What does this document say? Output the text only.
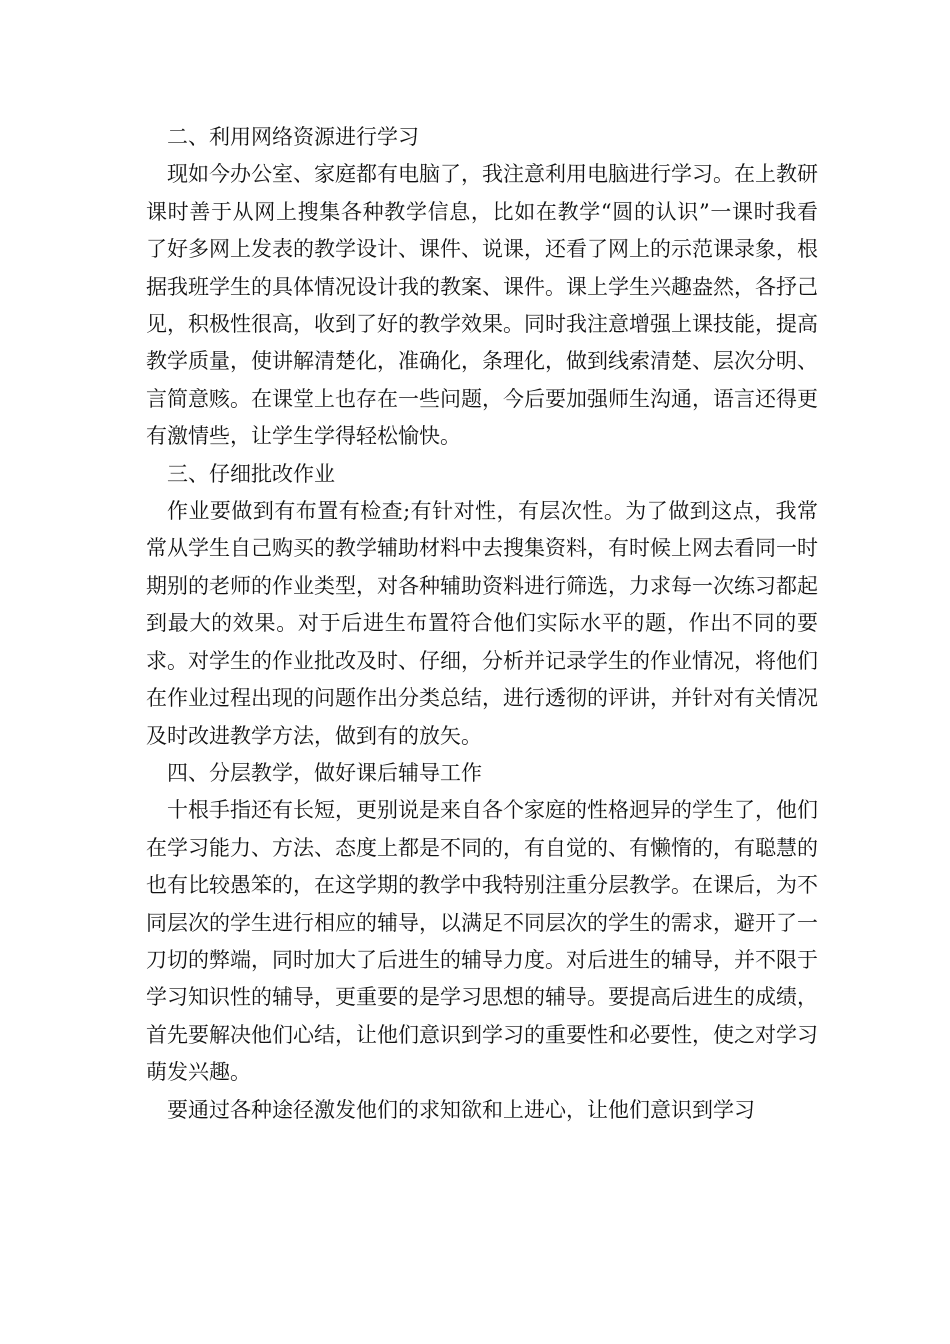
二、利用网络资源进行学习

现如今办公室、家庭都有电脑了，我注意利用电脑进行学习。在上教研课时善于从网上搜集各种教学信息，比如在教学“圆的认识”一课时我看了好多网上发表的教学设计、课件、说课，还看了网上的示范课录象，根据我班学生的具体情况设计我的教案、课件。课上学生兴趣盎然，各抒己见，积极性很高，收到了好的教学效果。同时我注意增强上课技能，提高教学质量，使讲解清楚化，准确化，条理化，做到线索清楚、层次分明、言简意赅。在课堂上也存在一些问题，今后要加强师生沟通，语言还得更有激情些，让学生学得轻松愉快。

三、仔细批改作业

作业要做到有布置有检查;有针对性，有层次性。为了做到这点，我常常从学生自己购买的教学辅助材料中去搜集资料，有时候上网去看同一时期别的老师的作业类型，对各种辅助资料进行筛选，力求每一次练习都起到最大的效果。对于后进生布置符合他们实际水平的题，作出不同的要求。对学生的作业批改及时、仔细，分析并记录学生的作业情况，将他们在作业过程出现的问题作出分类总结，进行透彻的评讲，并针对有关情况及时改进教学方法，做到有的放矢。

四、分层教学，做好课后辅导工作

十根手指还有长短，更别说是来自各个家庭的性格迥异的学生了，他们在学习能力、方法、态度上都是不同的，有自觉的、有懒惰的，有聪慧的也有比较愚笨的，在这学期的教学中我特别注重分层教学。在课后，为不同层次的学生进行相应的辅导，以满足不同层次的学生的需求，避开了一刀切的弊端，同时加大了后进生的辅导力度。对后进生的辅导，并不限于学习知识性的辅导，更重要的是学习思想的辅导。要提高后进生的成绩，首先要解决他们心结，让他们意识到学习的重要性和必要性，使之对学习萌发兴趣。

要通过各种途径激发他们的求知欲和上进心，让他们意识到学习
